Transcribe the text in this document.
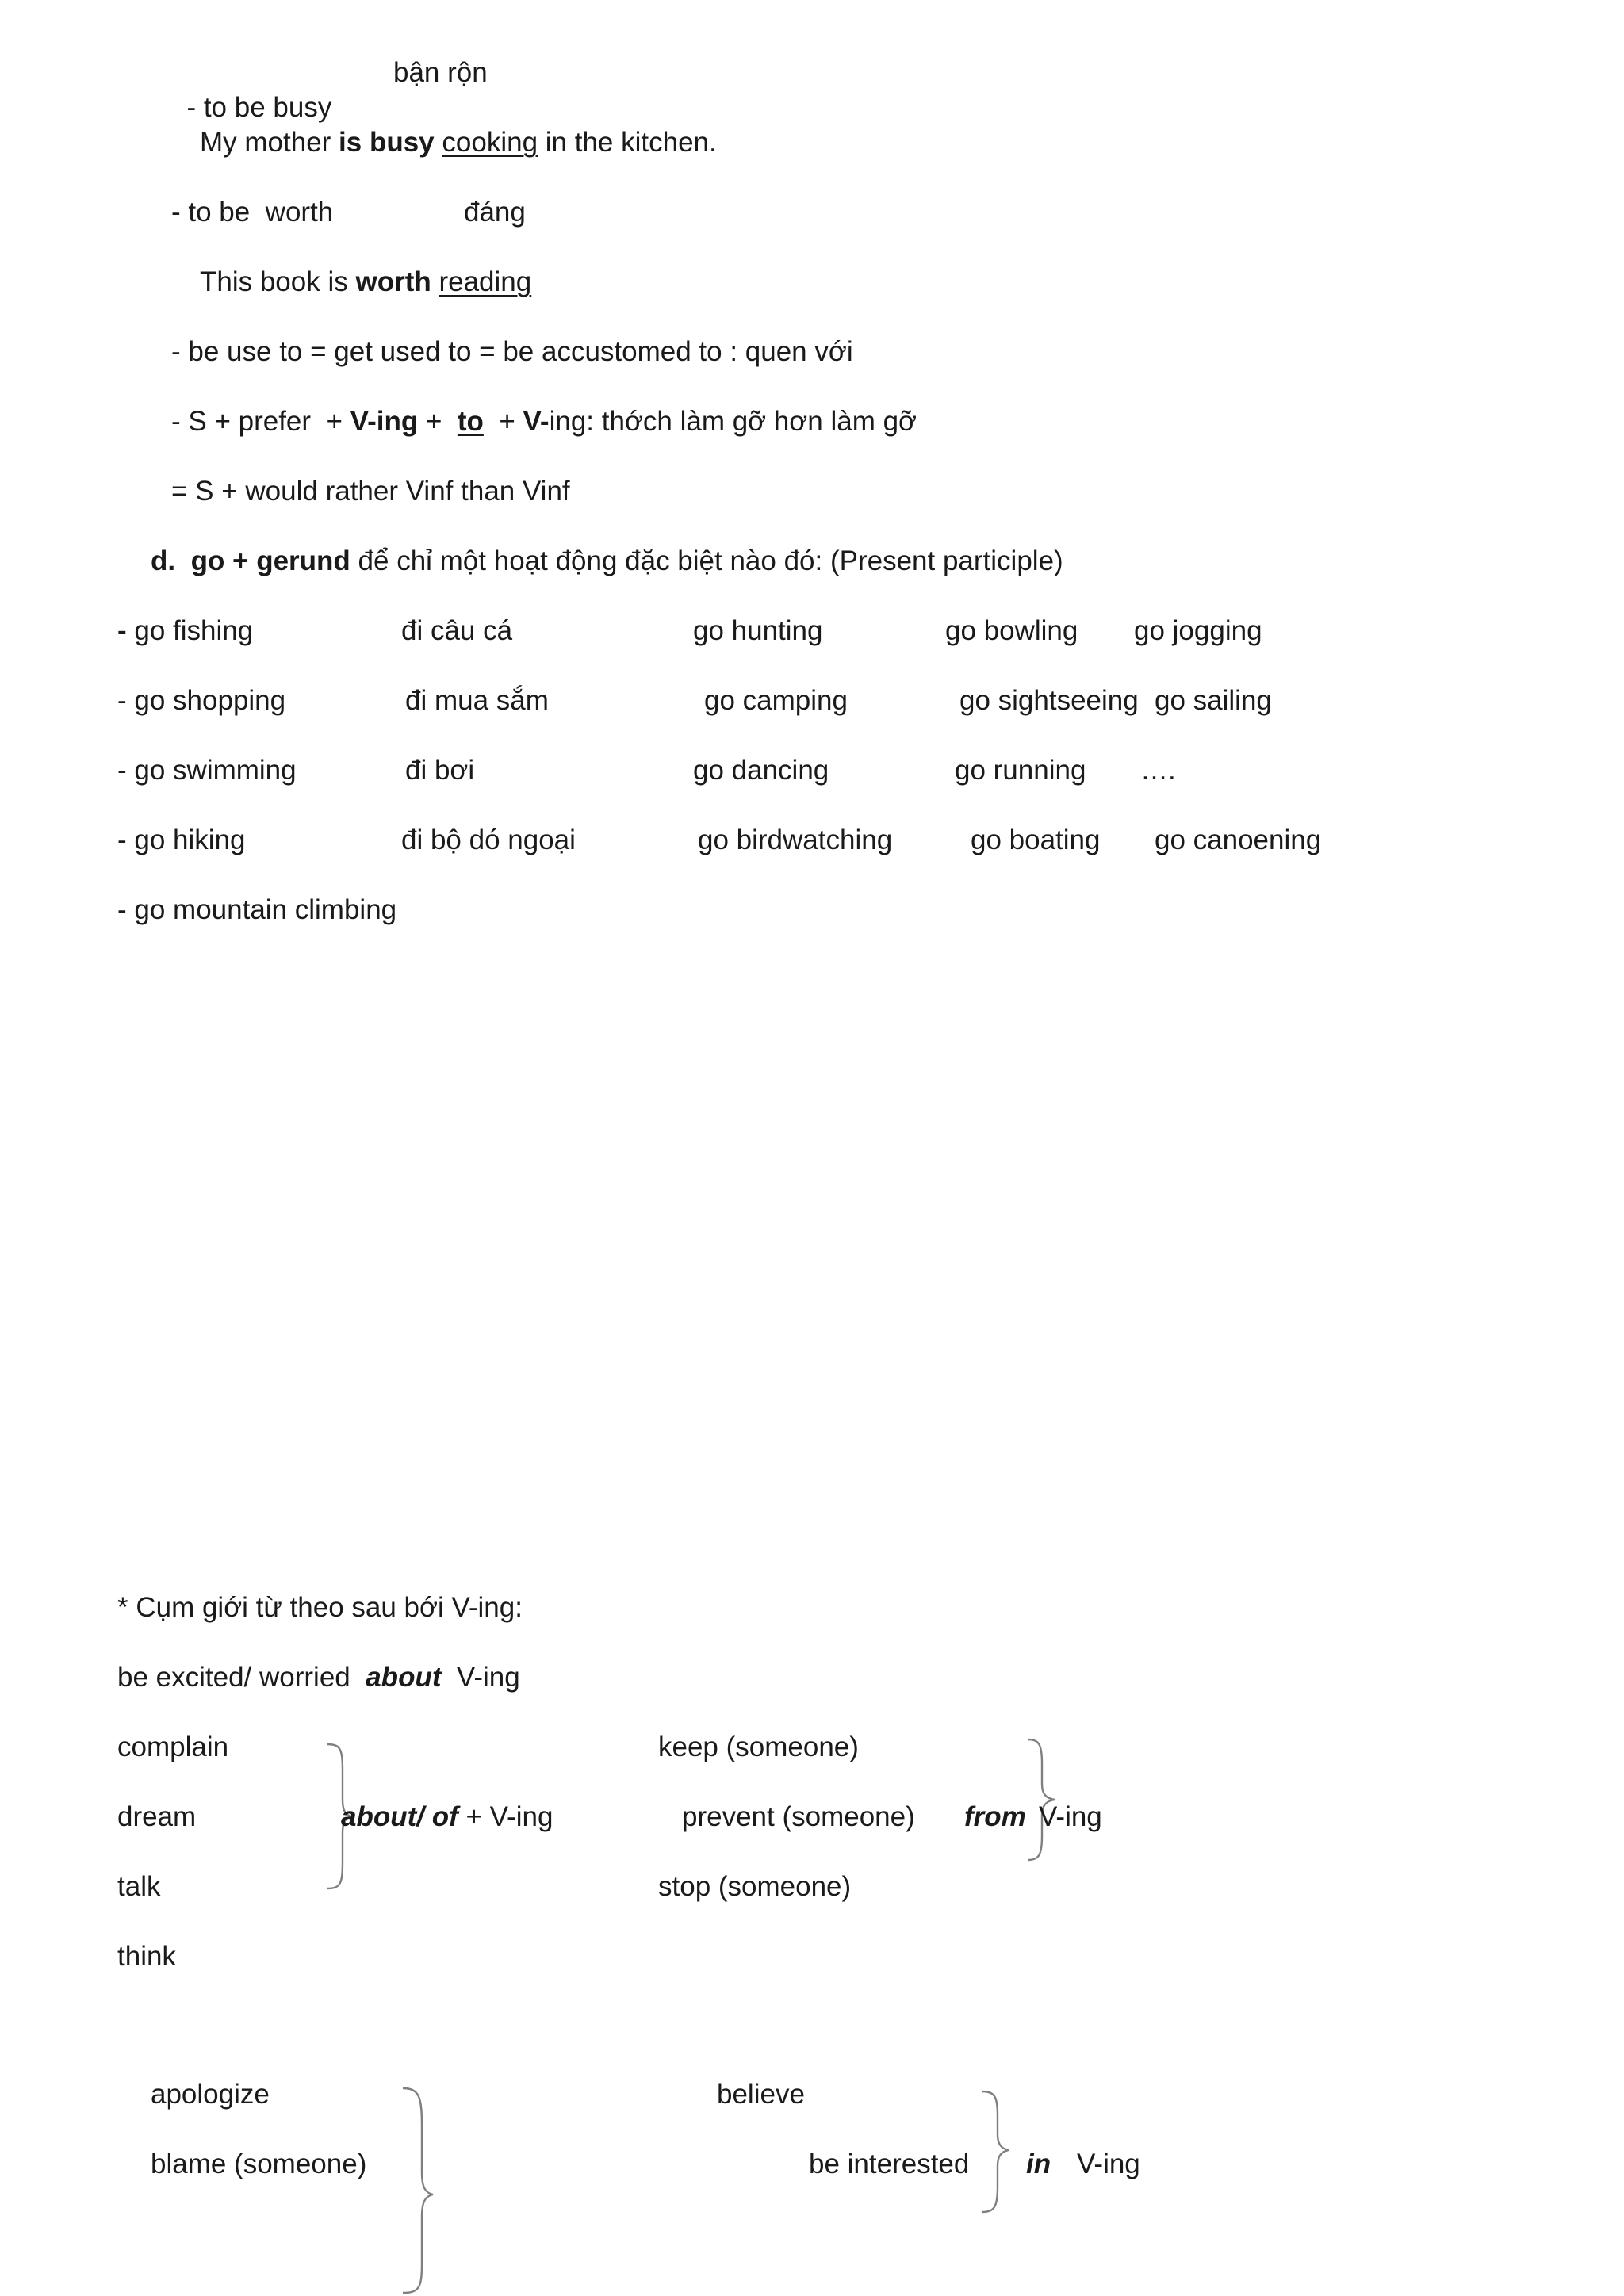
- to be busy

bận rộn
My mother is busy cooking in the kitchen.
- to be  worth	đáng
This book is worth reading
- be use to = get used to = be accustomed to : quen với
- S + prefer  + V-ing +  to  + V-ing: thớch làm gỡ hơn làm gỡ
= S + would rather Vinf than Vinf
d. go + gerund để chỉ một hoạt động đặc biệt nào đó: (Present participle)
- go fishing	đi câu cá	go hunting	go bowling go jogging
- go shopping	đi mua sắm	go camping	go sightseeing go sailing
- go swimming	đi bơi	go dancing	go running ….
- go hiking	đi bộ dó ngoại	go birdwatching	go boating go canoening
- go mountain climbing
* Cụm giới từ theo sau bới V-ing:
be excited/ worried  about  V-ing
complain
dream
talk
think
about/ of + V-ing
keep (someone)
prevent (someone)
stop (someone)
from V-ing
apologize
blame (someone)
believe
be interested in V-ing
